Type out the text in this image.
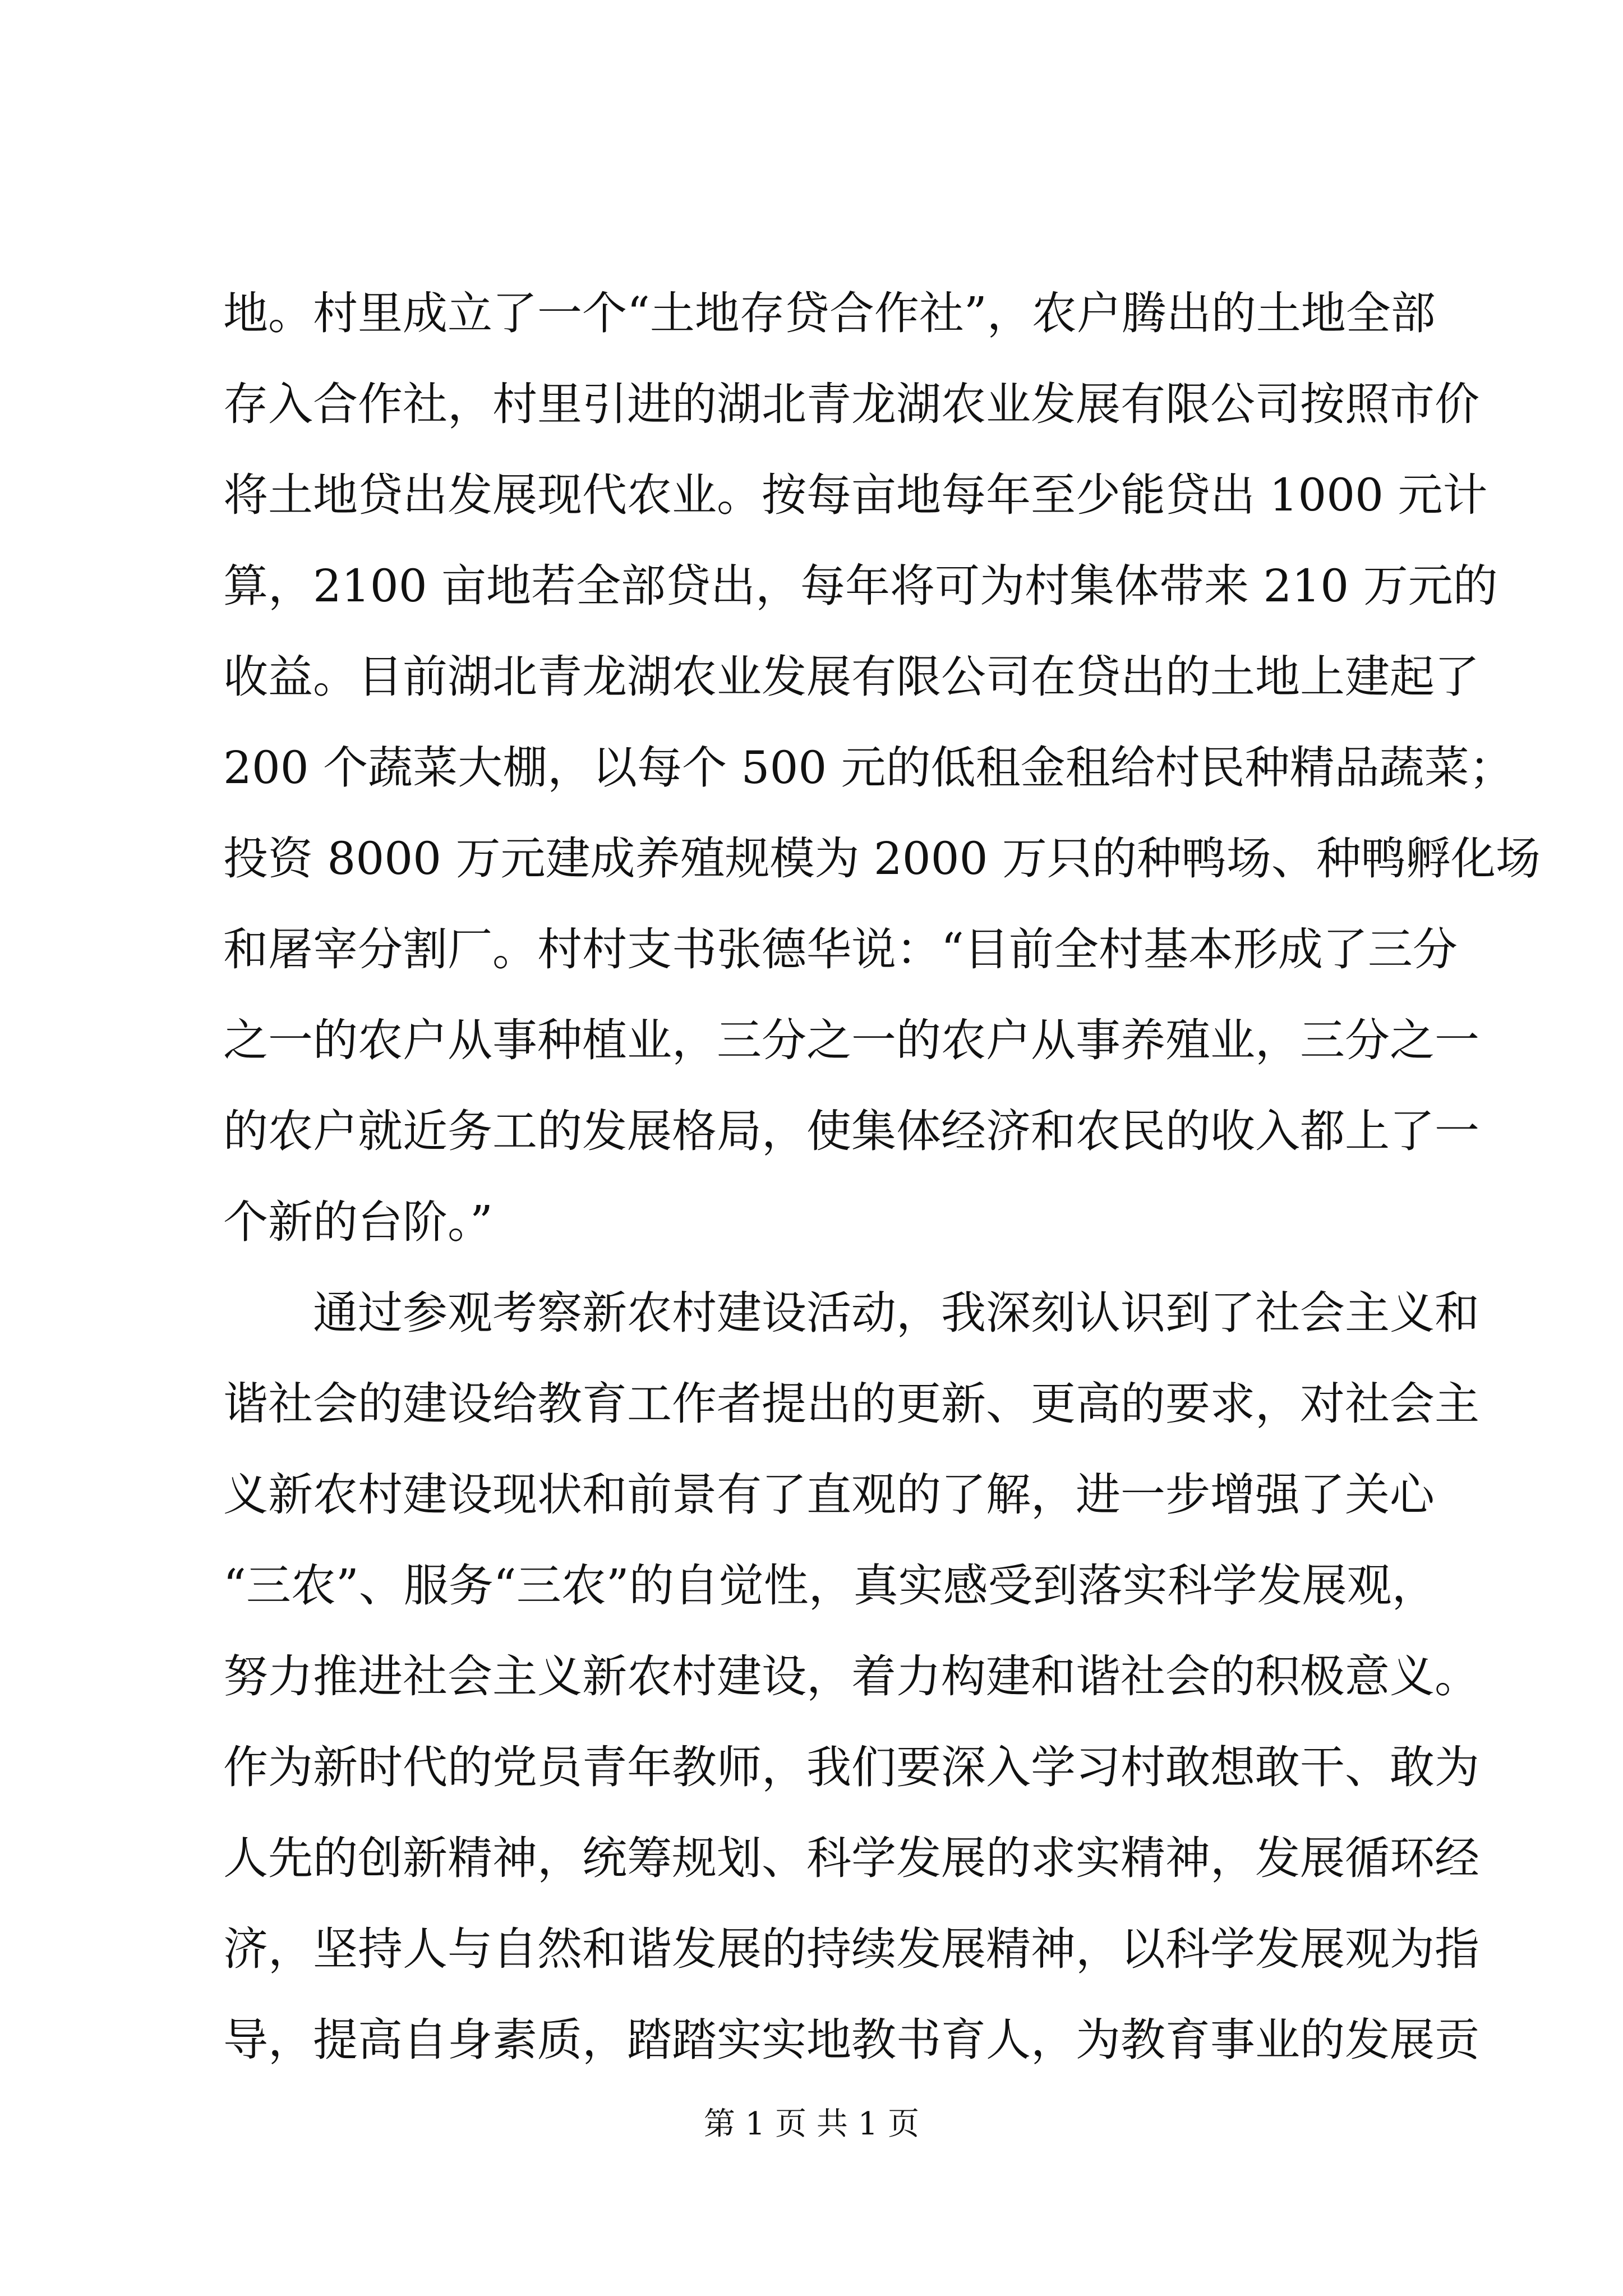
地。村里成立了一个“土地存贷合作社”，农户腾出的土地全部
存入合作社，村里引进的湖北青龙湖农业发展有限公司按照市价
将土地贷出发展现代农业。按每亩地每年至少能贷出 1000 元计
算，2100 亩地若全部贷出，每年将可为村集体带来 210 万元的
收益。目前湖北青龙湖农业发展有限公司在贷出的土地上建起了
200 个蔬菜大棚，以每个 500 元的低租金租给村民种精品蔬菜；
投资 8000 万元建成养殖规模为 2000 万只的种鸭场、种鸭孵化场
和屠宰分割厂。村村支书张德华说：“目前全村基本形成了三分
之一的农户从事种植业，三分之一的农户从事养殖业，三分之一
的农户就近务工的发展格局，使集体经济和农民的收入都上了一
个新的台阶。”
通过参观考察新农村建设活动，我深刻认识到了社会主义和
谐社会的建设给教育工作者提出的更新、更高的要求，对社会主
义新农村建设现状和前景有了直观的了解，进一步增强了关心
“三农”、服务“三农”的自觉性，真实感受到落实科学发展观，
努力推进社会主义新农村建设，着力构建和谐社会的积极意义。
作为新时代的党员青年教师，我们要深入学习村敢想敢干、敢为
人先的创新精神，统筹规划、科学发展的求实精神，发展循环经
济，坚持人与自然和谐发展的持续发展精神，以科学发展观为指
导，提高自身素质，踏踏实实地教书育人，为教育事业的发展贡
第 1 页 共 1 页
